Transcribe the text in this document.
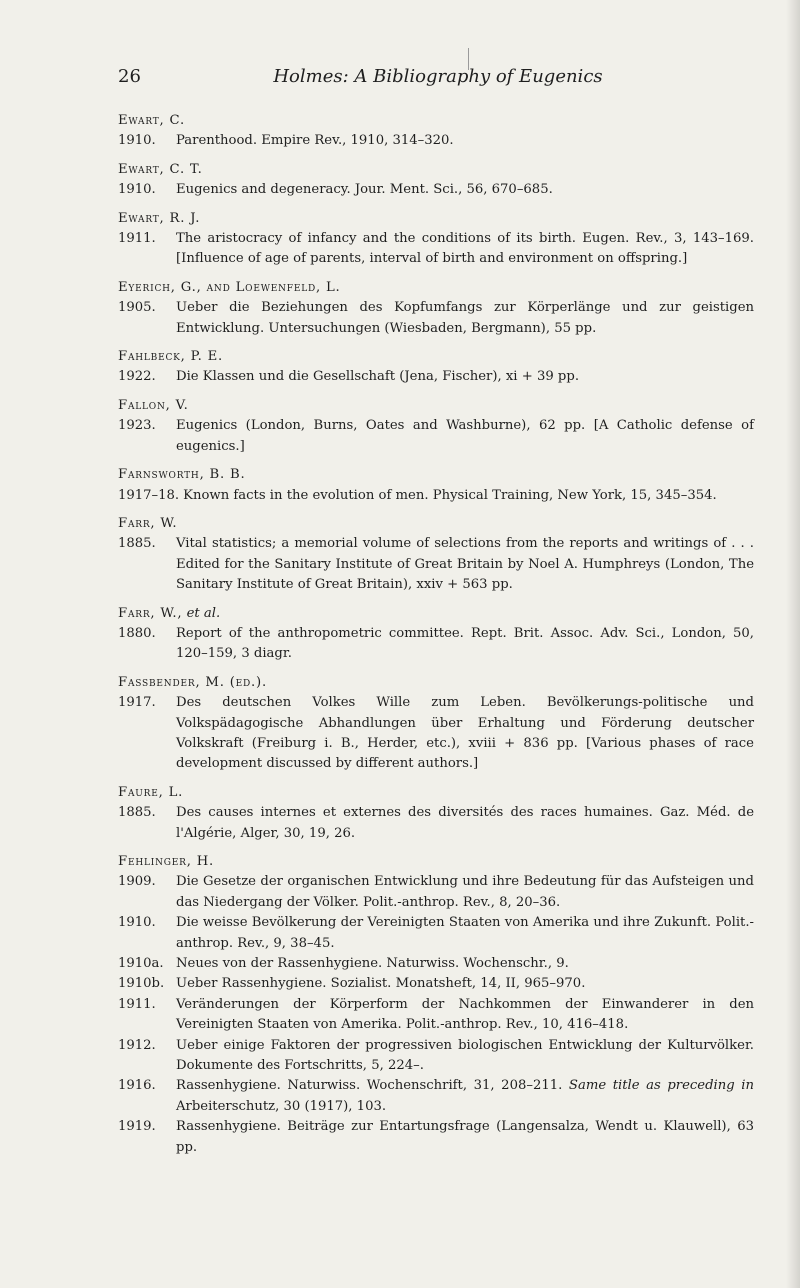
26	Holmes: A Bibliography of Eugenics
Ewart, C.
1910. Parenthood. Empire Rev., 1910, 314–320.
Ewart, C. T.
1910. Eugenics and degeneracy. Jour. Ment. Sci., 56, 670–685.
Ewart, R. J.
1911. The aristocracy of infancy and the conditions of its birth. Eugen. Rev., 3, 143–169. [Influence of age of parents, interval of birth and environment on offspring.]
Eyerich, G., and Loewenfeld, L.
1905. Ueber die Beziehungen des Kopfumfangs zur Körperlänge und zur geistigen Entwicklung. Untersuchungen (Wiesbaden, Bergmann), 55 pp.
Fahlbeck, P. E.
1922. Die Klassen und die Gesellschaft (Jena, Fischer), xi + 39 pp.
Fallon, V.
1923. Eugenics (London, Burns, Oates and Washburne), 62 pp. [A Catholic defense of eugenics.]
Farnsworth, B. B.
1917–18. Known facts in the evolution of men. Physical Training, New York, 15, 345–354.
Farr, W.
1885. Vital statistics; a memorial volume of selections from the reports and writings of . . . Edited for the Sanitary Institute of Great Britain by Noel A. Humphreys (London, The Sanitary Institute of Great Britain), xxiv + 563 pp.
Farr, W., et al.
1880. Report of the anthropometric committee. Rept. Brit. Assoc. Adv. Sci., London, 50, 120–159, 3 diagr.
Fassbender, M. (ed.).
1917. Des deutschen Volkes Wille zum Leben. Bevölkerungs-politische und Volkspädagogische Abhandlungen über Erhaltung und Förderung deutscher Volkskraft (Freiburg i. B., Herder, etc.), xviii + 836 pp. [Various phases of race development discussed by different authors.]
Faure, L.
1885. Des causes internes et externes des diversités des races humaines. Gaz. Méd. de l'Algérie, Alger, 30, 19, 26.
Fehlinger, H.
1909. Die Gesetze der organischen Entwicklung und ihre Bedeutung für das Aufsteigen und das Niedergang der Völker. Polit.-anthrop. Rev., 8, 20–36.
1910. Die weisse Bevölkerung der Vereinigten Staaten von Amerika und ihre Zukunft. Polit.-anthrop. Rev., 9, 38–45.
1910a. Neues von der Rassenhygiene. Naturwiss. Wochenschr., 9.
1910b. Ueber Rassenhygiene. Sozialist. Monatsheft, 14, II, 965–970.
1911. Veränderungen der Körperform der Nachkommen der Einwanderer in den Vereinigten Staaten von Amerika. Polit.-anthrop. Rev., 10, 416–418.
1912. Ueber einige Faktoren der progressiven biologischen Entwicklung der Kulturvölker. Dokumente des Fortschritts, 5, 224–.
1916. Rassenhygiene. Naturwiss. Wochenschrift, 31, 208–211. Same title as preceding in Arbeiterschutz, 30 (1917), 103.
1919. Rassenhygiene. Beiträge zur Entartungsfrage (Langensalza, Wendt u. Klauwell), 63 pp.
